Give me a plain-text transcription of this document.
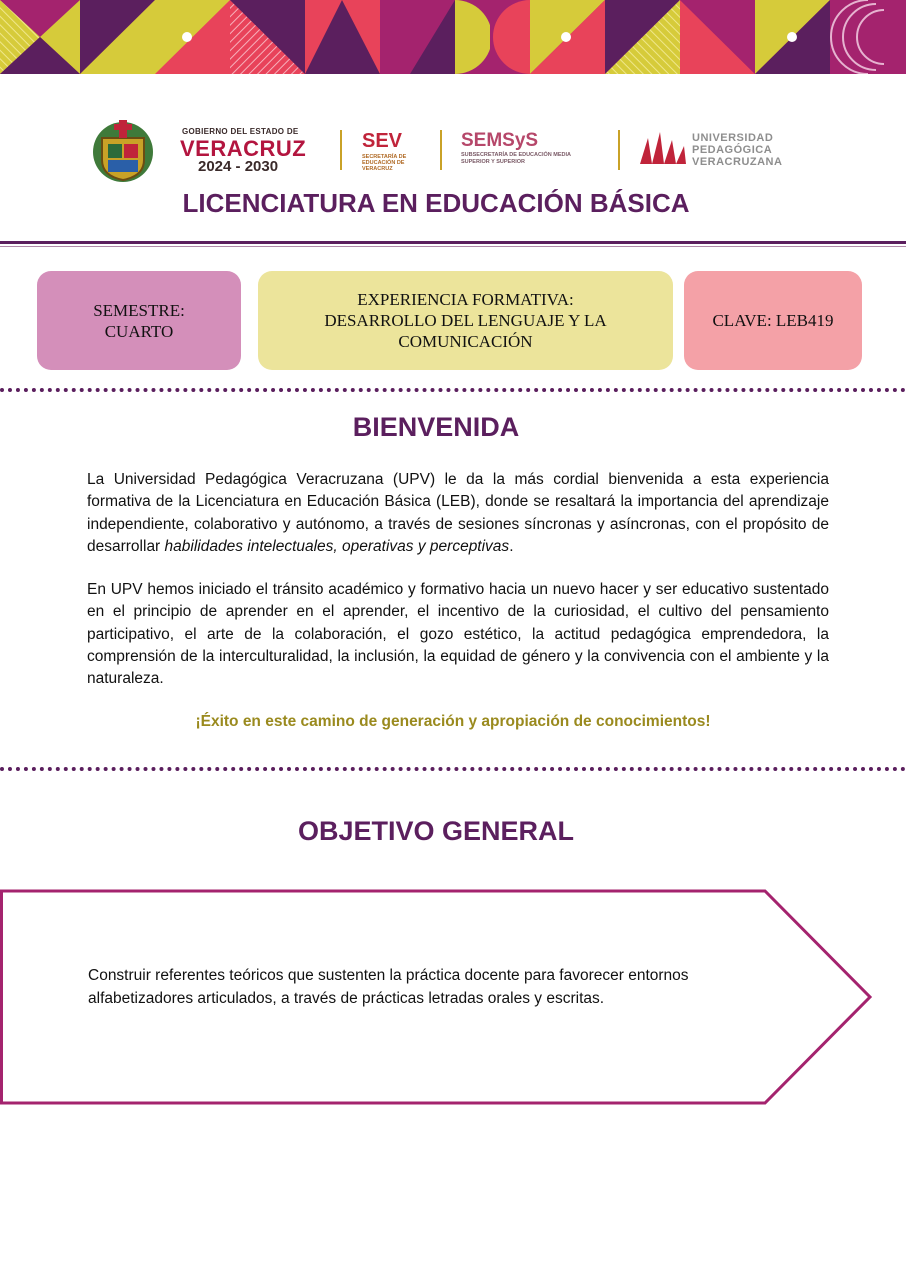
GOBIERNO DEL ESTADO DE
VERACRUZ
2024 - 2030
SEV
SECRETARÍA DE EDUCACIÓN DE VERACRUZ
SEMSyS
SUBSECRETARÍA DE EDUCACIÓN MEDIA SUPERIOR Y SUPERIOR
UNIVERSIDAD
PEDAGÓGICA
VERACRUZANA
LICENCIATURA EN EDUCACIÓN BÁSICA
SEMESTRE:
CUARTO
EXPERIENCIA FORMATIVA:
DESARROLLO DEL LENGUAJE Y LA
COMUNICACIÓN
CLAVE: LEB419
BIENVENIDA
La Universidad Pedagógica Veracruzana (UPV) le da la más cordial bienvenida a esta experiencia formativa de la Licenciatura en Educación Básica (LEB), donde se resaltará la importancia del aprendizaje independiente, colaborativo y autónomo, a través de sesiones síncronas y asíncronas, con el propósito de desarrollar habilidades intelectuales, operativas y perceptivas.
En UPV hemos iniciado el tránsito académico y formativo hacia un nuevo hacer y ser educativo sustentado en el principio de aprender en el aprender, el incentivo de la curiosidad, el cultivo del pensamiento participativo, el arte de la colaboración, el gozo estético, la actitud pedagógica emprendedora, la comprensión de la interculturalidad, la inclusión, la equidad de género y la convivencia con el ambiente y la naturaleza.
¡Éxito en este camino de generación y apropiación de conocimientos!
OBJETIVO GENERAL
Construir referentes teóricos que sustenten la práctica docente para favorecer entornos alfabetizadores articulados, a través de prácticas letradas orales y escritas.
